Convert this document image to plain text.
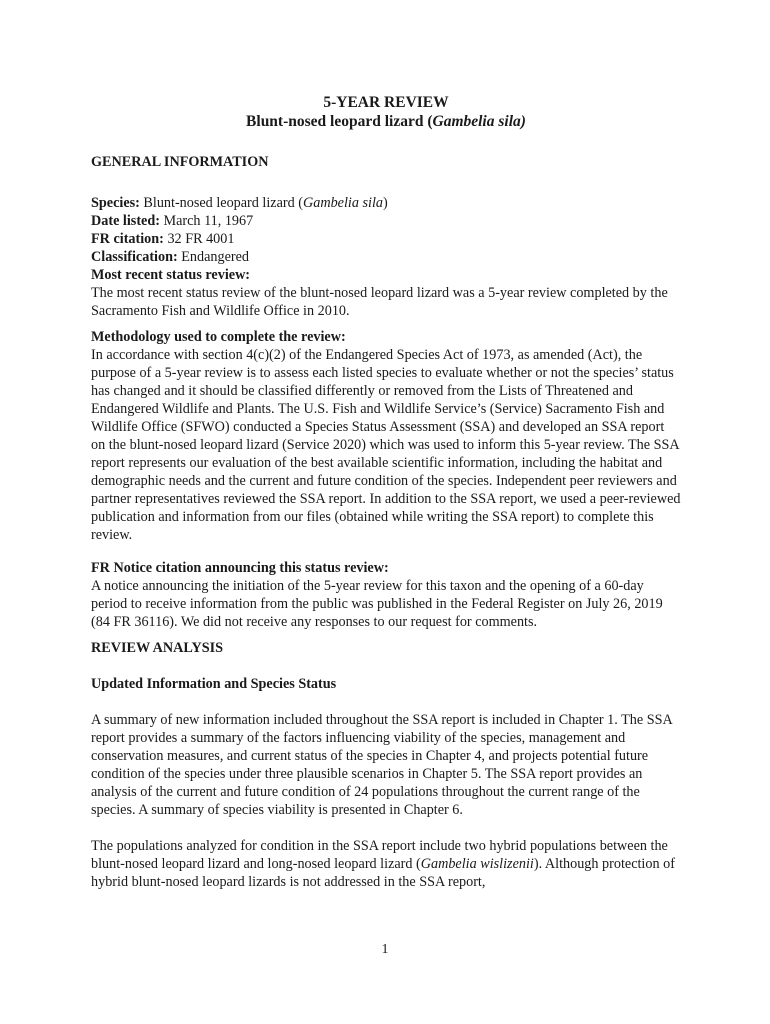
5-YEAR REVIEW

Blunt-nosed leopard lizard (Gambelia sila)

GENERAL INFORMATION

Species: Blunt-nosed leopard lizard (Gambelia sila)

Date listed: March 11, 1967

FR citation: 32 FR 4001

Classification: Endangered

Most recent status review:

The most recent status review of the blunt-nosed leopard lizard was a 5-year review completed by the Sacramento Fish and Wildlife Office in 2010.

Methodology used to complete the review:

In accordance with section 4(c)(2) of the Endangered Species Act of 1973, as amended (Act), the purpose of a 5-year review is to assess each listed species to evaluate whether or not the species’ status has changed and it should be classified differently or removed from the Lists of Threatened and Endangered Wildlife and Plants. The U.S. Fish and Wildlife Service’s (Service) Sacramento Fish and Wildlife Office (SFWO) conducted a Species Status Assessment (SSA) and developed an SSA report on the blunt-nosed leopard lizard (Service 2020) which was used to inform this 5-year review. The SSA report represents our evaluation of the best available scientific information, including the habitat and demographic needs and the current and future condition of the species. Independent peer reviewers and partner representatives reviewed the SSA report. In addition to the SSA report, we used a peer-reviewed publication and information from our files (obtained while writing the SSA report) to complete this review.

FR Notice citation announcing this status review:

A notice announcing the initiation of the 5-year review for this taxon and the opening of a 60-day period to receive information from the public was published in the Federal Register on July 26, 2019 (84 FR 36116). We did not receive any responses to our request for comments.

REVIEW ANALYSIS

Updated Information and Species Status

A summary of new information included throughout the SSA report is included in Chapter 1. The SSA report provides a summary of the factors influencing viability of the species, management and conservation measures, and current status of the species in Chapter 4, and projects potential future condition of the species under three plausible scenarios in Chapter 5. The SSA report provides an analysis of the current and future condition of 24 populations throughout the current range of the species. A summary of species viability is presented in Chapter 6.

The populations analyzed for condition in the SSA report include two hybrid populations between the blunt-nosed leopard lizard and long-nosed leopard lizard (Gambelia wislizenii). Although protection of hybrid blunt-nosed leopard lizards is not addressed in the SSA report,

1
